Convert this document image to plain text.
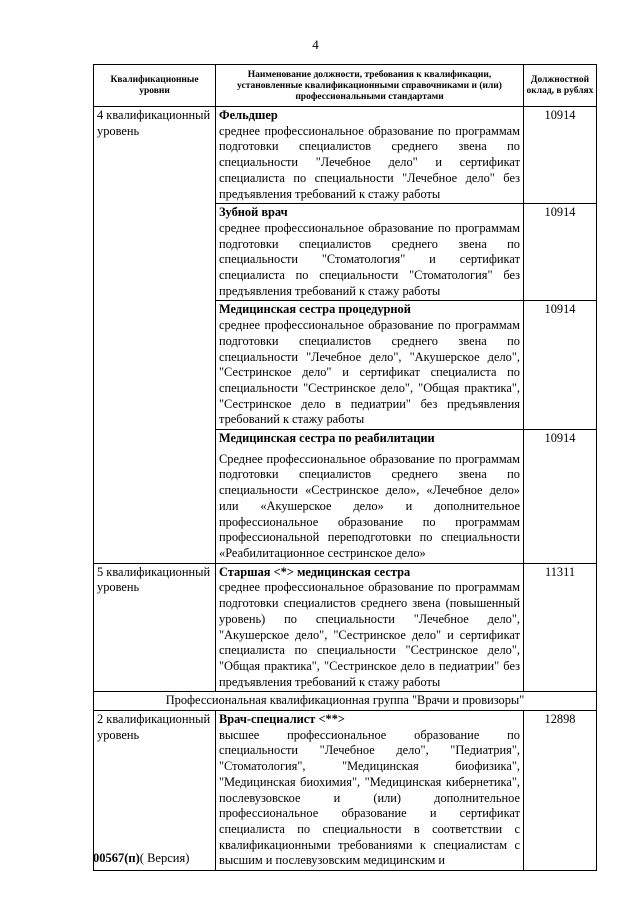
4
Квалификационные уровни	Наименование должности, требования к квалификации, установленные квалификационными справочниками и (или) профессиональными стандартами	Должностной оклад, в рублях
4 квалификационный уровень	Фельдшер
среднее профессиональное образование по программам подготовки специалистов среднего звена по специальности "Лечебное дело" и сертификат специалиста по специальности "Лечебное дело" без предъявления требований к стажу работы	10914

	Зубной врач
среднее профессиональное образование по программам подготовки специалистов среднего звена по специальности "Стоматология" и сертификат специалиста по специальности "Стоматология" без предъявления требований к стажу работы	10914

	Медицинская сестра процедурной
среднее профессиональное образование по программам подготовки специалистов среднего звена по специальности "Лечебное дело", "Акушерское дело", "Сестринское дело" и сертификат специалиста по специальности "Сестринское дело", "Общая практика", "Сестринское дело в педиатрии" без предъявления требований к стажу работы	10914

	Медицинская сестра по реабилитации
Среднее профессиональное образование по программам подготовки специалистов среднего звена по специальности «Сестринское дело», «Лечебное дело» или «Акушерское дело» и дополнительное профессиональное образование по программам профессиональной переподготовки по специальности «Реабилитационное сестринское дело»	10914
5 квалификационный уровень	Старшая <*> медицинская сестра
среднее профессиональное образование по программам подготовки специалистов среднего звена (повышенный уровень) по специальности "Лечебное дело", "Акушерское дело", "Сестринское дело" и сертификат специалиста по специальности "Сестринское дело", "Общая практика", "Сестринское дело в педиатрии" без предъявления требований к стажу работы	11311
Профессиональная квалификационная группа "Врачи и провизоры"		
2 квалификационный уровень	Врач-специалист <**>
высшее профессиональное образование по специальности "Лечебное дело", "Педиатрия", "Стоматология", "Медицинская биофизика", "Медицинская биохимия", "Медицинская кибернетика", послевузовское и (или) дополнительное профессиональное образование и сертификат специалиста по специальности в соответствии с квалификационными требованиями к специалистам с высшим и послевузовским медицинским и	12898
00567(п)( Версия)
